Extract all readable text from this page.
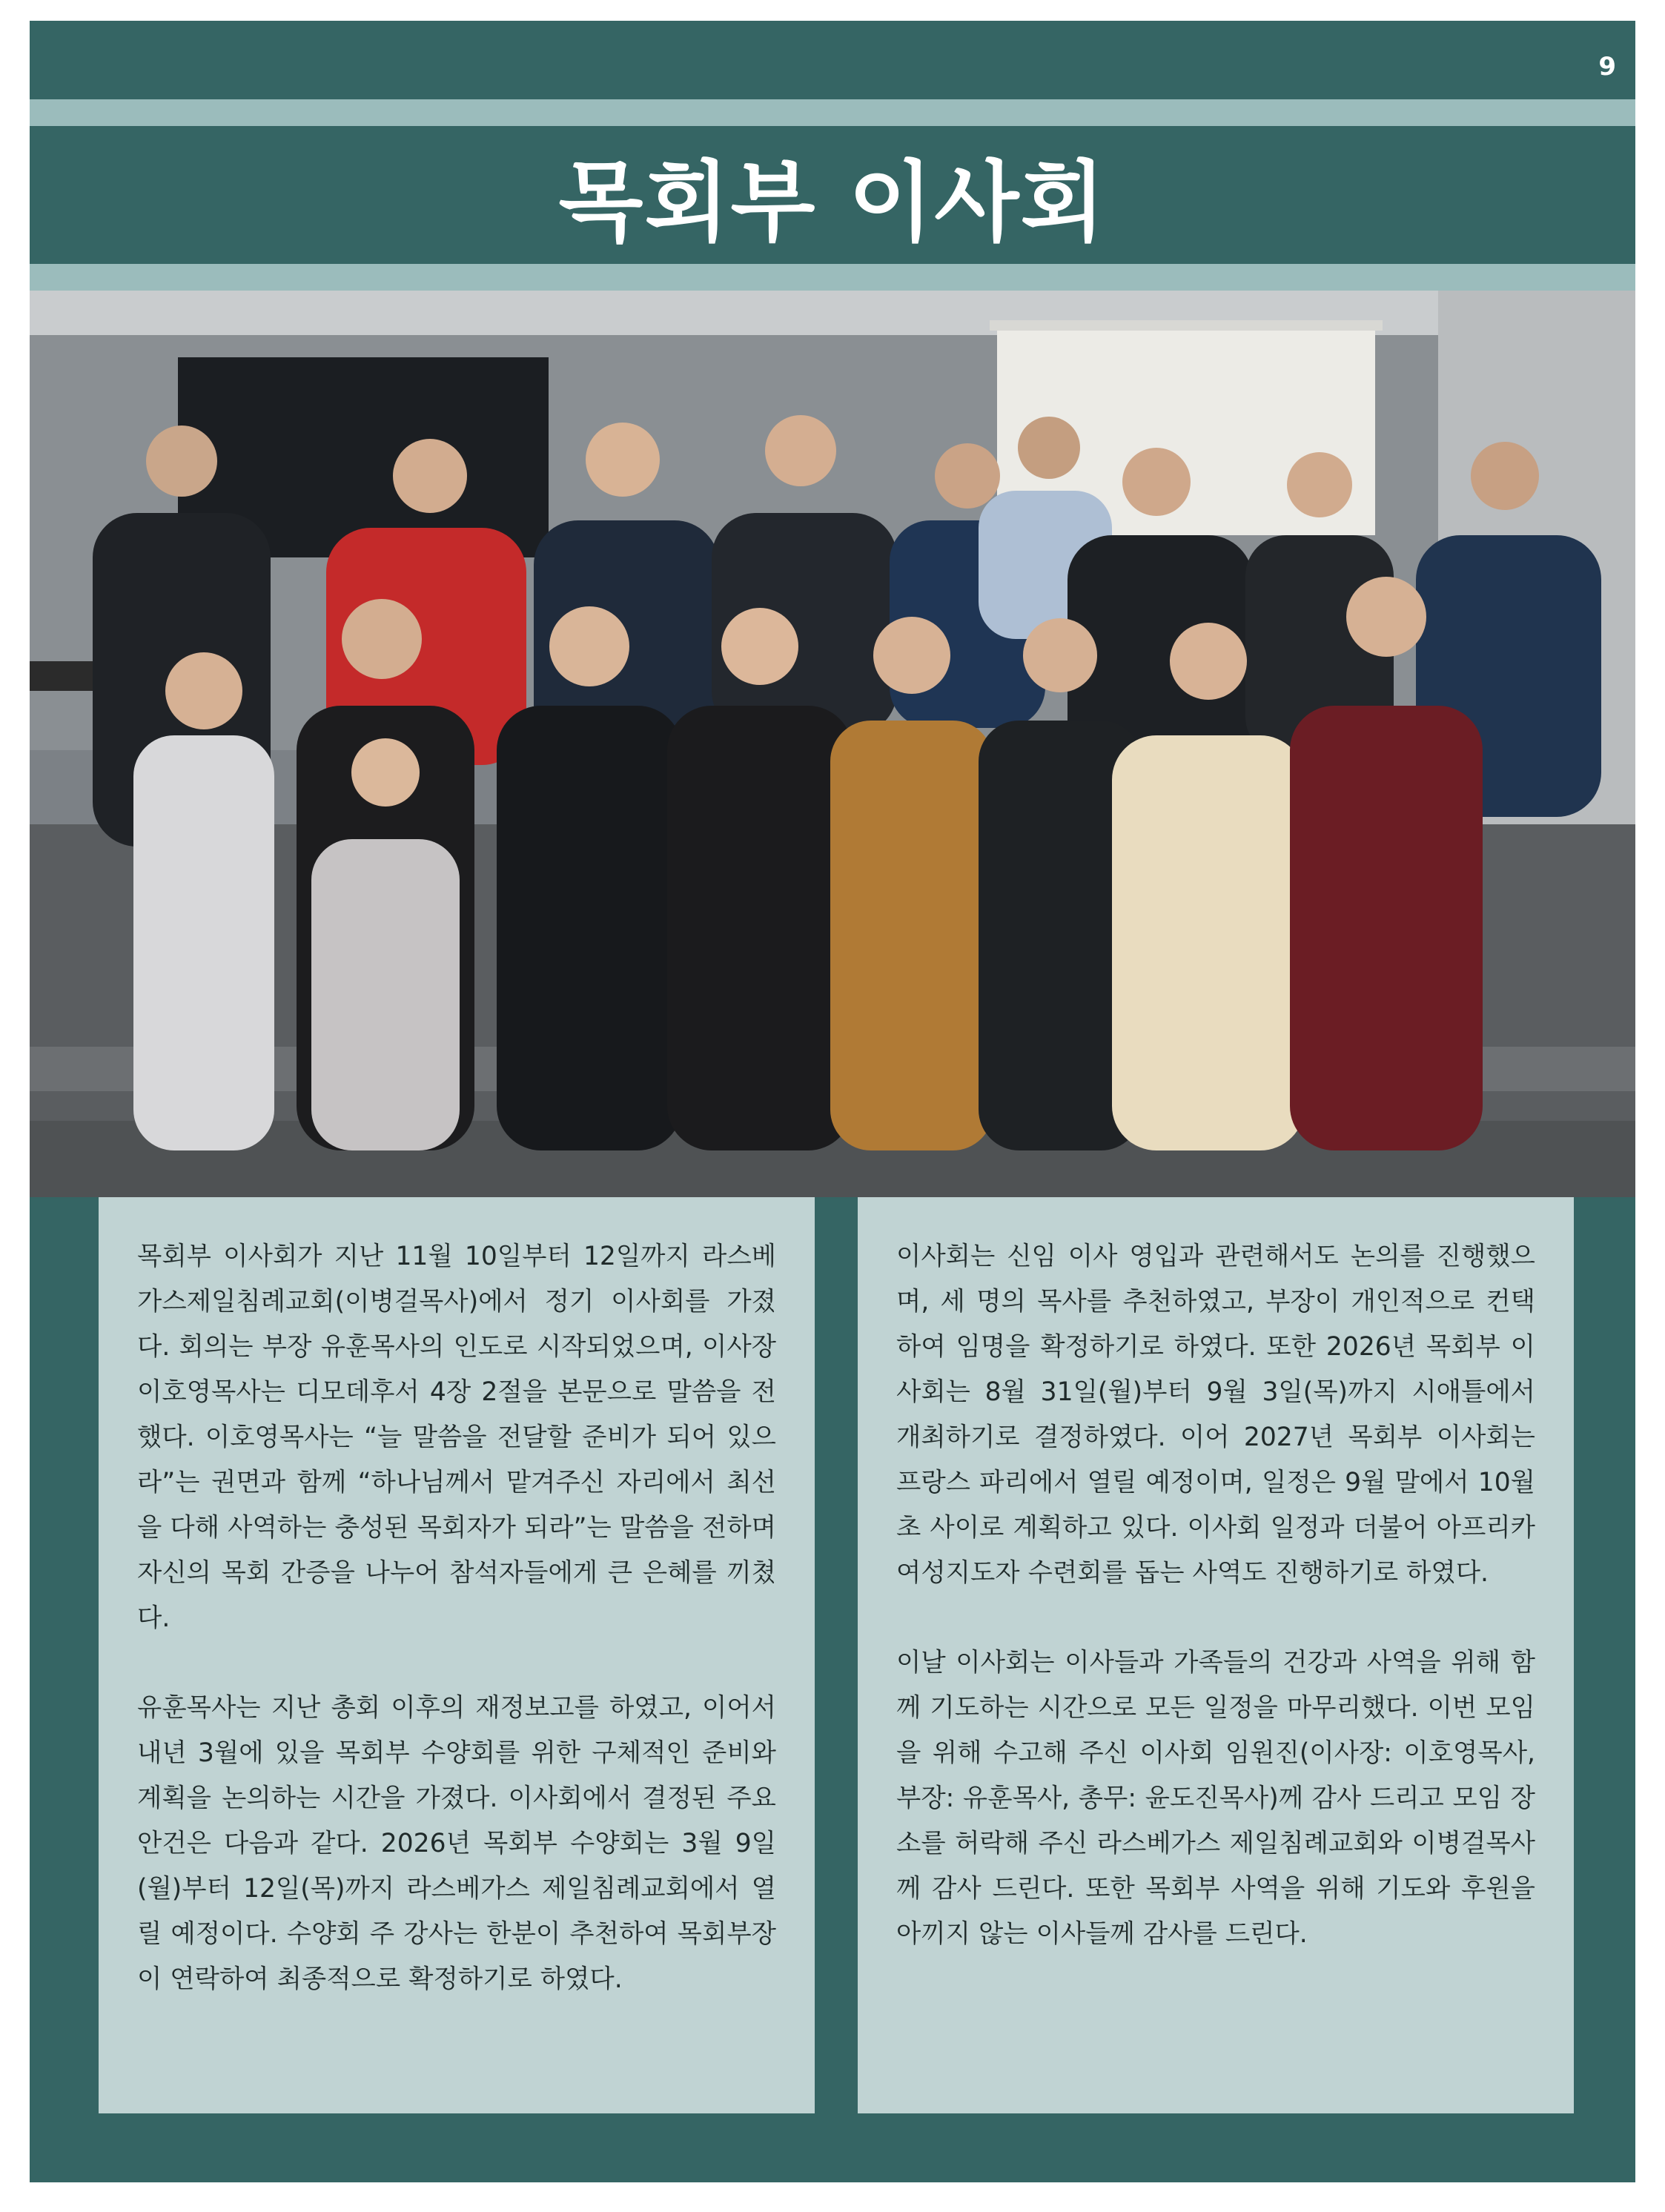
9
목회부 이사회

목회부 이사회가 지난 11월 10일부터 12일까지 라스베가스제일침례교회(이병걸목사)에서 정기 이사회를 가졌다. 회의는 부장 유훈목사의 인도로 시작되었으며, 이사장 이호영목사는 디모데후서 4장 2절을 본문으로 말씀을 전했다. 이호영목사는 “늘 말씀을 전달할 준비가 되어 있으라”는 권면과 함께 “하나님께서 맡겨주신 자리에서 최선을 다해 사역하는 충성된 목회자가 되라”는 말씀을 전하며 자신의 목회 간증을 나누어 참석자들에게 큰 은혜를 끼쳤다.

유훈목사는 지난 총회 이후의 재정보고를 하였고, 이어서 내년 3월에 있을 목회부 수양회를 위한 구체적인 준비와 계획을 논의하는 시간을 가졌다. 이사회에서 결정된 주요 안건은 다음과 같다. 2026년 목회부 수양회는 3월 9일(월)부터 12일(목)까지 라스베가스 제일침례교회에서 열릴 예정이다. 수양회 주 강사는 한분이 추천하여 목회부장이 연락하여 최종적으로 확정하기로 하였다.

이사회는 신임 이사 영입과 관련해서도 논의를 진행했으며, 세 명의 목사를 추천하였고, 부장이 개인적으로 컨택하여 임명을 확정하기로 하였다. 또한 2026년 목회부 이사회는 8월 31일(월)부터 9월 3일(목)까지 시애틀에서 개최하기로 결정하였다. 이어 2027년 목회부 이사회는 프랑스 파리에서 열릴 예정이며, 일정은 9월 말에서 10월 초 사이로 계획하고 있다. 이사회 일정과 더불어 아프리카 여성지도자 수련회를 돕는 사역도 진행하기로 하였다.

이날 이사회는 이사들과 가족들의 건강과 사역을 위해 함께 기도하는 시간으로 모든 일정을 마무리했다. 이번 모임을 위해 수고해 주신 이사회 임원진(이사장: 이호영목사, 부장: 유훈목사, 총무: 윤도진목사)께 감사 드리고 모임 장소를 허락해 주신 라스베가스 제일침례교회와 이병걸목사께 감사 드린다. 또한 목회부 사역을 위해 기도와 후원을 아끼지 않는 이사들께 감사를 드린다.
